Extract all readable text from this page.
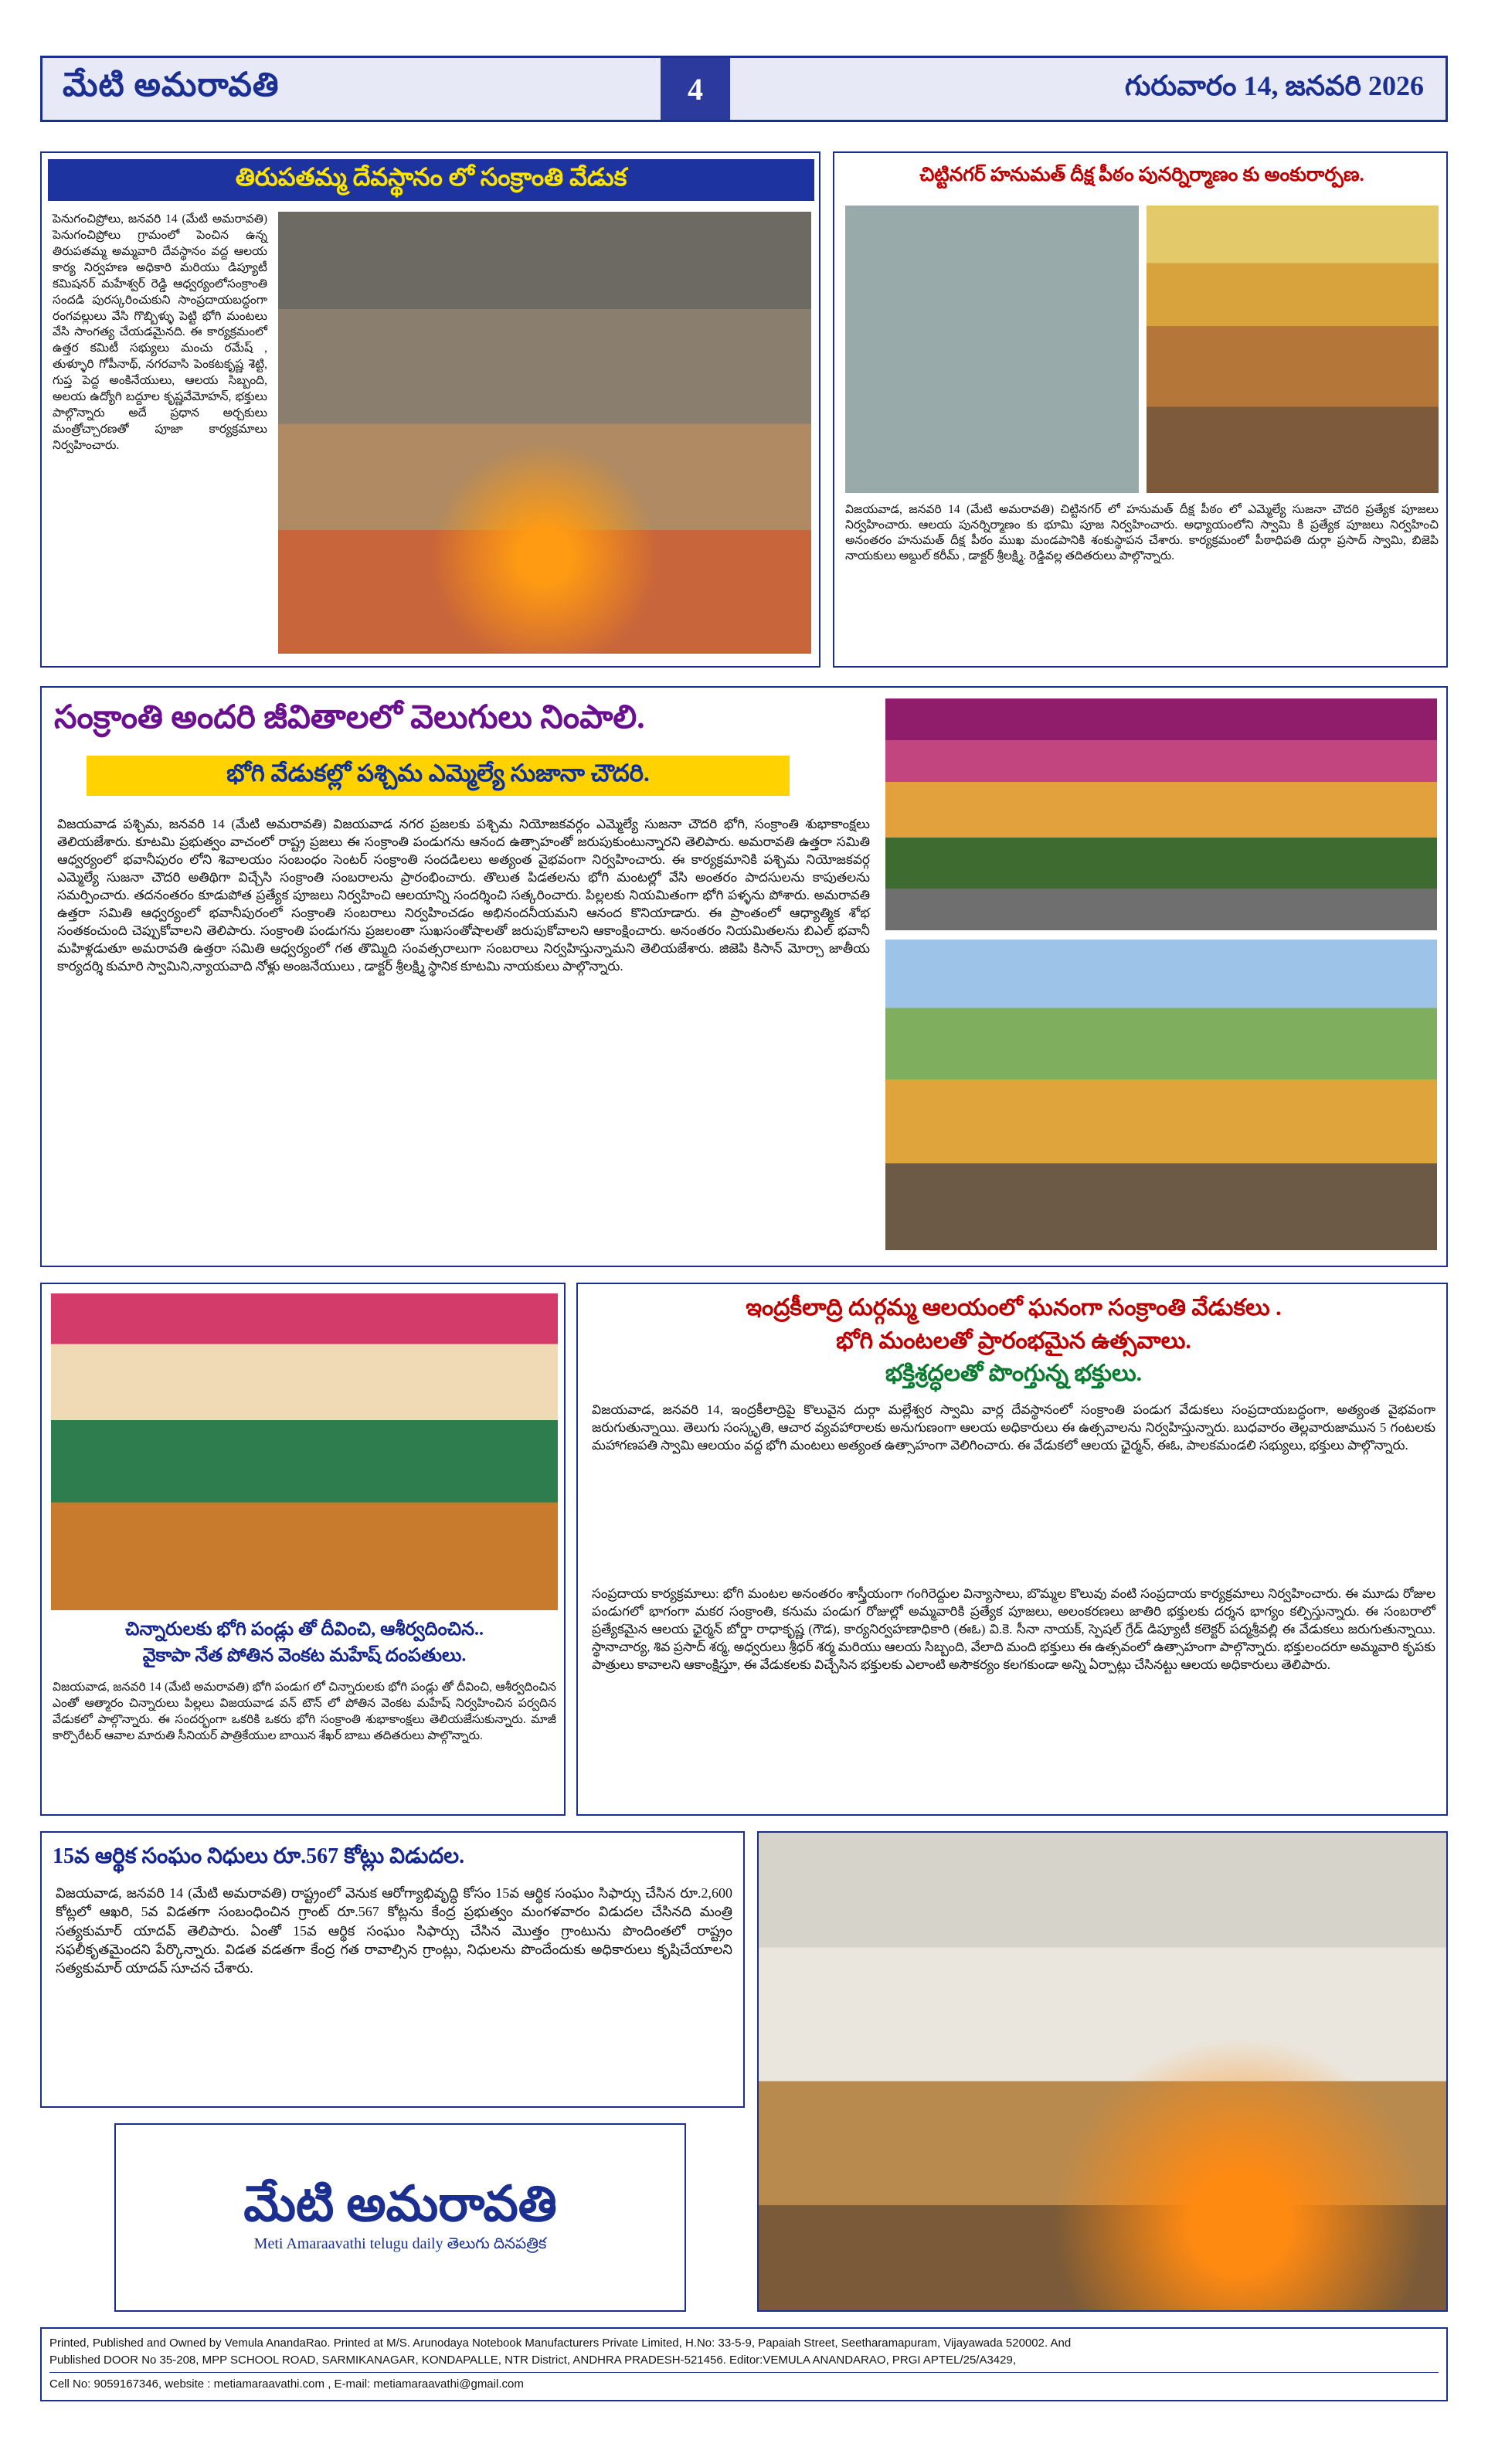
మేటి అమరావతి	4	గురువారం 14, జనవరి 2026
తిరుపతమ్మ దేవస్థానం లో సంక్రాంతి వేడుక
పెనుగంచిప్రోలు, జనవరి 14 (మేటి అమరావతి) పెనుగంచిప్రోలు గ్రామంలో పెంచిన ఉన్న తిరుపతమ్మ అమ్మవారి దేవస్థానం వద్ద ఆలయ కార్య నిర్వహణ అధికారి మరియు డిప్యూటీ కమిషనర్ మహేశ్వర్ రెడ్డి ఆధ్వర్యంలోసంక్రాంతి సందడి పురస్కరించుకుని సాంప్రదాయబద్ధంగా రంగవల్లులు వేసి గొబ్బిళ్ళు పెట్టి భోగి మంటలు వేసి సాంగత్య చేయడమైనది. ఈ కార్యక్రమంలో ఉత్తర కమిటీ సభ్యులు మంచు రమేష్ , తుళ్ళూరి గోపీనాథ్, నగరవాసి పెంకటకృష్ణ శెట్టి, గుప్త పెద్ద అంకినేయులు, ఆలయ సిబ్బంది, అలయ ఉద్యోగి బద్దూల కృష్ణవేమోహన్, భక్తులు పాల్గొన్నారు అదే ప్రధాన అర్చకులు మంత్రోచ్చారణతో పూజా కార్యక్రమాలు నిర్వహించారు.
చిట్టినగర్ హనుమత్ దీక్ష పీఠం పునర్నిర్మాణం కు అంకురార్పణ.
విజయవాడ, జనవరి 14 (మేటి అమరావతి) చిట్టినగర్ లో హనుమత్ దీక్ష పీఠం లో ఎమ్మెల్యే సుజనా చౌదరి ప్రత్యేక పూజలు నిర్వహించారు. ఆలయ పునర్నిర్మాణం కు భూమి పూజ నిర్వహించారు. అధ్యాయంలోని స్వామి కి ప్రత్యేక పూజలు నిర్వహించి అనంతరం హనుమత్ దీక్ష పీఠం ముఖ మండపానికి శంకుస్థాపన చేశారు. కార్యక్రమంలో పీఠాధిపతి దుర్గా ప్రసాద్ స్వామి, బిజెపి నాయకులు అబ్దుల్ కరీమ్ , డాక్టర్ శ్రీలక్ష్మి. రెడ్డివల్ల తదితరులు పాల్గొన్నారు.
సంక్రాంతి అందరి జీవితాలలో వెలుగులు నింపాలి.
భోగి వేడుకల్లో పశ్చిమ ఎమ్మెల్యే సుజానా చౌదరి.
విజయవాడ పశ్చిమ, జనవరి 14 (మేటి అమరావతి) విజయవాడ నగర ప్రజలకు పశ్చిమ నియోజకవర్గం ఎమ్మెల్యే సుజనా చౌదరి భోగి, సంక్రాంతి శుభాకాంక్షలు తెలియజేశారు. కూటమి ప్రభుత్వం వాచంలో రాష్ట్ర ప్రజలు ఈ సంక్రాంతి పండుగను ఆనంద ఉత్సాహంతో జరుపుకుంటున్నారని తెలిపారు. అమరావతి ఉత్తరా సమితి ఆధ్వర్యంలో భవానీపురం లోని శివాలయం సంబంధం సెంటర్ సంక్రాంతి సందడిలలు అత్యంత వైభవంగా నిర్వహించారు. ఈ కార్యక్రమానికి పశ్చిమ నియోజకవర్గ ఎమ్మెల్యే సుజనా చౌదరి అతిథిగా విచ్చేసి సంక్రాంతి సంబరాలను ప్రారంభించారు. తొలుత పిడతలను భోగి మంటల్లో వేసి అంతరం పాదసులను కాపుతలను సమర్పించారు. తదనంతరం కూడుపోత ప్రత్యేక పూజలు నిర్వహించి ఆలయాన్ని సందర్శించి సత్కరించారు. పిల్లలకు నియమితంగా భోగి పళ్ళను పోశారు. అమరావతి ఉత్తరా సమితి ఆధ్వర్యంలో భవానీపురంలో సంక్రాంతి సంబరాలు నిర్వహించడం అభినందనీయమని ఆనంద కొనియాడారు. ఈ ప్రాంతంలో ఆధ్యాత్మిక శోభ సంతకంచుంది చెప్పుకోవాలని తెలిపారు. సంక్రాంతి పండుగను ప్రజలంతా సుఖసంతోషాలతో జరుపుకోవాలని ఆకాంక్షించారు. అనంతరం నియమితలను బిఎల్ భవానీ మహిళ్లడుతూ అమరావతి ఉత్తరా సమితి ఆధ్వర్యంలో గత తొమ్మిది సంవత్సరాలుగా సంబరాలు నిర్వహిస్తున్నామని తెలియజేశారు. జిజెపి కిసాన్ మోర్చా జాతీయ కార్యదర్శి కుమారి స్వామిని,న్యాయవాది నోళ్లు అంజనేయులు , డాక్టర్ శ్రీలక్ష్మి స్థానిక కూటమి నాయకులు పాల్గొన్నారు.
చిన్నారులకు భోగి పండ్లు తో దీవించి, ఆశీర్వదించిన..
వైకాపా నేత పోతిన వెంకట మహేష్ దంపతులు.
విజయవాడ, జనవరి 14 (మేటి అమరావతి) భోగి పండుగ లో చిన్నారులకు భోగి పండ్లు తో దీవించి, ఆశీర్వదించిన ఎంతో ఆత్మారం చిన్నారులు పిల్లలు విజయవాడ వన్ టౌన్ లో పోతిన వెంకట మహేష్ నిర్వహించిన పర్వదిన వేడుకలో పాల్గొన్నారు. ఈ సందర్భంగా ఒకరికి ఒకరు భోగి సంక్రాంతి శుభాకాంక్షలు తెలియజేసుకున్నారు. మాజీ కార్పొరేటర్ ఆవాల మారుతి సీనియర్ పాత్రికేయుల బాయిన శేఖర్ బాబు తదితరులు పాల్గొన్నారు.
ఇంద్రకీలాద్రి దుర్గమ్మ ఆలయంలో ఘనంగా సంక్రాంతి వేడుకలు .
భోగి మంటలతో ప్రారంభమైన ఉత్సవాలు.
భక్తిశ్రద్ధలతో పొంగ్తున్న భక్తులు.
విజయవాడ, జనవరి 14, ఇంద్రకీలాద్రిపై కొలువైన దుర్గా మల్లేశ్వర స్వామి వార్ల దేవస్థానంలో సంక్రాంతి పండుగ వేడుకలు సంప్రదాయబద్ధంగా, అత్యంత వైభవంగా జరుగుతున్నాయి. తెలుగు సంస్కృతి, ఆచార వ్యవహారాలకు అనుగుణంగా ఆలయ అధికారులు ఈ ఉత్సవాలను నిర్వహిస్తున్నారు. బుధవారం తెల్లవారుజామున 5 గంటలకు మహాగణపతి స్వామి ఆలయం వద్ద భోగి మంటలు అత్యంత ఉత్సాహంగా వెలిగించారు. ఈ వేడుకలో ఆలయ ఛైర్మన్, ఈఓ, పాలకమండలి సభ్యులు, భక్తులు పాల్గొన్నారు.
సంప్రదాయ కార్యక్రమాలు: భోగి మంటల అనంతరం శాస్త్రీయంగా గంగిరెద్దుల విన్యాసాలు, బొమ్మల కొలువు వంటి సంప్రదాయ కార్యక్రమాలు నిర్వహించారు. ఈ మూడు రోజుల పండుగలో భాగంగా మకర సంక్రాంతి, కనుమ పండుగ రోజుల్లో అమ్మవారికి ప్రత్యేక పూజలు, అలంకరణలు జాతిరి భక్తులకు దర్శన భాగ్యం కల్పిస్తున్నారు. ఈ సంబరాలో ప్రత్యేకమైన ఆలయ ఛైర్మన్ బోర్డా రాధాకృష్ణ (గౌడ), కార్యనిర్వహణాధికారి (ఈఓ) వి.కె. సీనా నాయక్, స్పెషల్ గ్రేడ్ డిప్యూటీ కలెక్టర్ పద్మశ్రీవల్లి ఈ వేడుకలు జరుగుతున్నాయి. స్థానాచార్య, శివ ప్రసాద్ శర్మ, అధ్వరులు శ్రీధర్ శర్మ మరియు ఆలయ సిబ్బంది, వేలాది మంది భక్తులు ఈ ఉత్సవంలో ఉత్సాహంగా పాల్గొన్నారు. భక్తులందరూ అమ్మవారి కృపకు పాత్రులు కావాలని ఆకాంక్షిస్తూ, ఈ వేడుకలకు విచ్చేసిన భక్తులకు ఎలాంటి అసౌకర్యం కలగకుండా అన్ని ఏర్పాట్లు చేసినట్టు ఆలయ అధికారులు తెలిపారు.
15వ ఆర్థిక సంఘం నిధులు రూ.567 కోట్లు విడుదల.
విజయవాడ, జనవరి 14 (మేటి అమరావతి) రాష్ట్రంలో వెనుక ఆరోగ్యాభివృద్ధి కోసం 15వ ఆర్థిక సంఘం సిఫార్సు చేసిన రూ.2,600 కోట్లలో ఆఖరి, 5వ విడతగా సంబంధించిన గ్రాంట్ రూ.567 కోట్లను కేంద్ర ప్రభుత్వం మంగళవారం విడుదల చేసినది మంత్రి సత్యకుమార్ యాదవ్ తెలిపారు. ఏంతో 15వ ఆర్థిక సంఘం సిఫార్సు చేసిన మొత్తం గ్రాంటును పొందింతలో రాష్ట్రం సఫలీకృతమైందని పేర్కొన్నారు. విడత వడతగా కేంద్ర గత రావాల్సిన గ్రాంట్లు, నిధులను పొందేందుకు అధికారులు కృషిచేయాలని సత్యకుమార్ యాదవ్ సూచన చేశారు.
మేటి అమరావతి
Meti Amaraavathi telugu daily తెలుగు దినపత్రిక
Printed, Published and Owned by Vemula AnandaRao. Printed at M/S. Arunodaya Notebook Manufacturers Private Limited, H.No: 33-5-9, Papaiah Street, Seetharamapuram, Vijayawada 520002. And
Published DOOR No 35-208, MPP SCHOOL ROAD, SARMIKANAGAR, KONDAPALLE, NTR District, ANDHRA PRADESH-521456. Editor:VEMULA ANANDARAO, PRGI APTEL/25/A3429,
Cell No: 9059167346, website : metiamaraavathi.com , E-mail: metiamaraavathi@gmail.com
